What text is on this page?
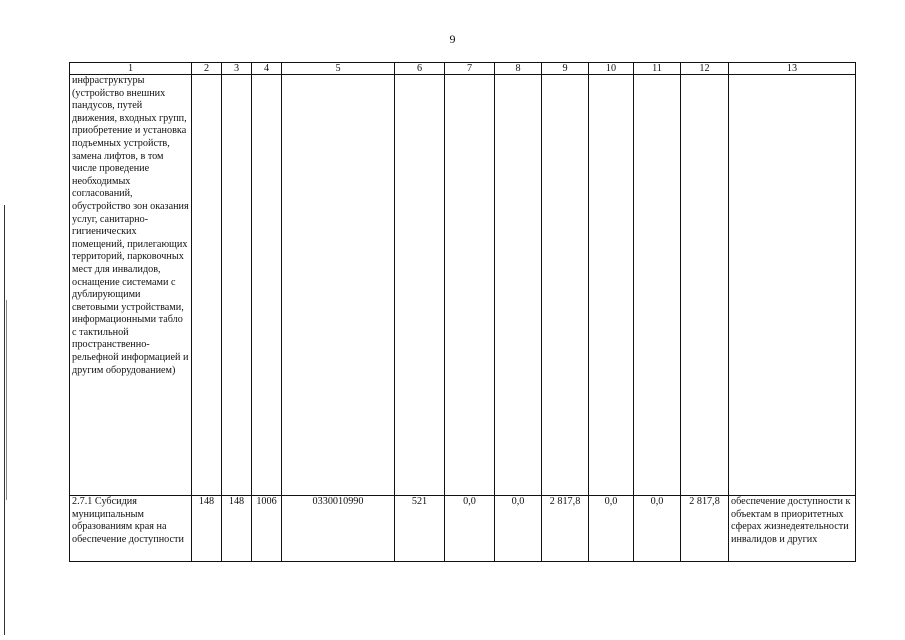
9
1	2	3	4	5	6	7	8	9	10	11	12	13
инфраструктуры (устройство внешних пандусов, путей движения, входных групп, приобретение и установка подъемных устройств, замена лифтов, в том числе проведение необходимых согласований, обустройство зон оказания услуг, санитарно-гигиенических помещений, прилегающих территорий, парковочных мест для инвалидов, оснащение системами с дублирующими световыми устройствами, информационными табло с тактильной пространственно-рельефной информацией и другим оборудованием)												
2.7.1 Субсидия муниципальным образованиям края на обеспечение доступности	148	148	1006	0330010990	521	0,0	0,0	2 817,8	0,0	0,0	2 817,8	обеспечение доступности к объектам в приоритетных сферах жизнедеятельности инвалидов и других
